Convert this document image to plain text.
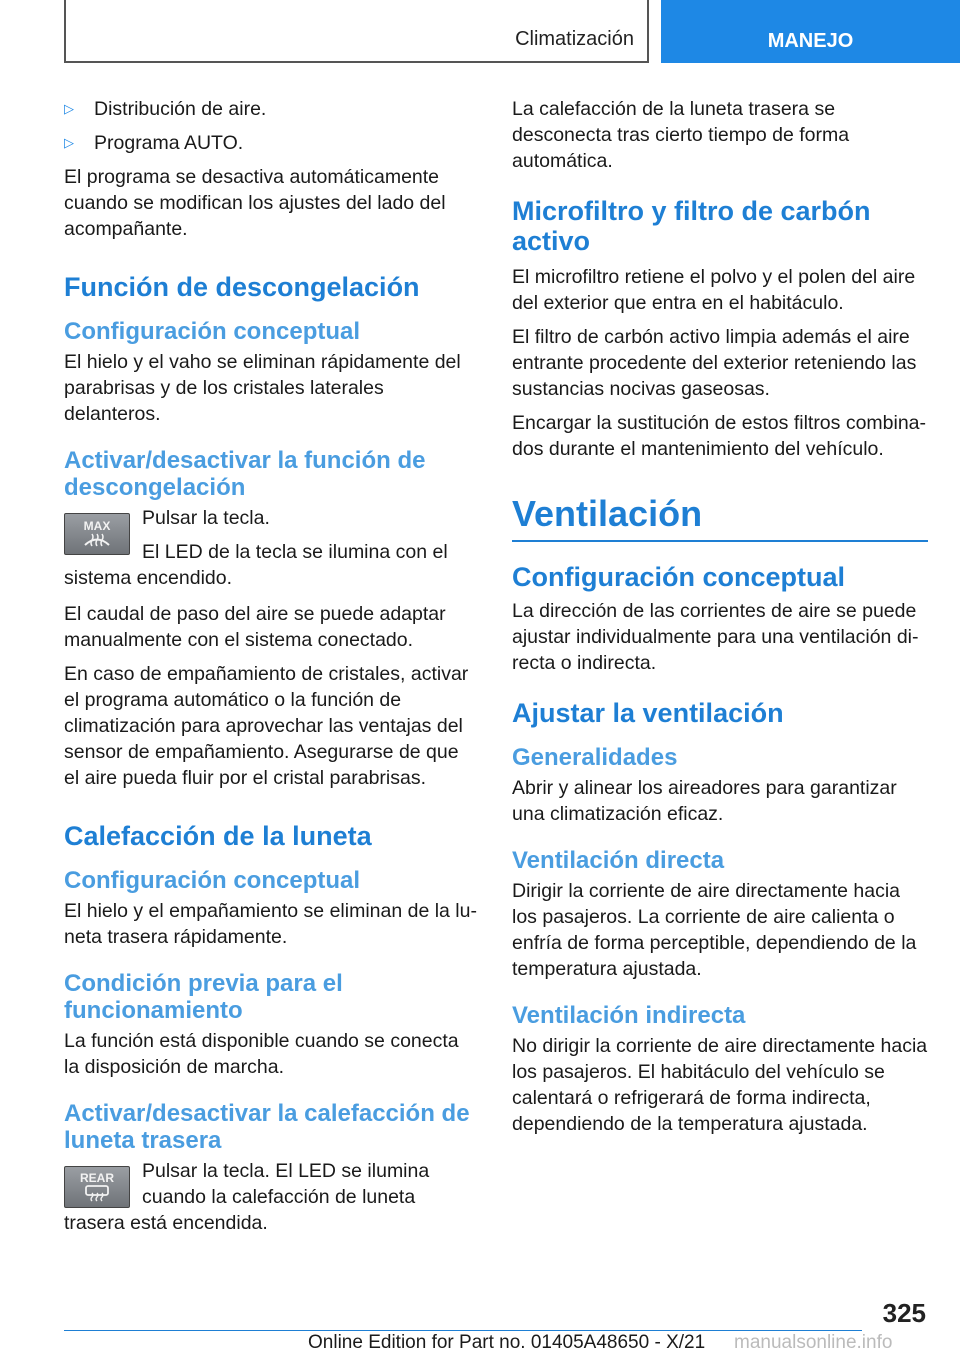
Climatización	MANEJO
▷	Distribución de aire.
▷	Programa AUTO.

El programa se desactiva automáticamente cuando se modifican los ajustes del lado del acompañante.

Función de descongelación
Configuración conceptual

El hielo y el vaho se eliminan rápidamente del parabrisas y de los cristales laterales delanteros.

Activar/desactivar la función de descongelación
MAX	Pulsar la tecla.

El LED de la tecla se ilumina con el sistema encendido.

El caudal de paso del aire se puede adaptar manualmente con el sistema conectado.

En caso de empañamiento de cristales, activar el programa automático o la función de climatización para aprovechar las ventajas del sensor de empañamiento. Asegurarse de que el aire pueda fluir por el cristal parabrisas.

Calefacción de la luneta
Configuración conceptual

El hielo y el empañamiento se eliminan de la luneta trasera rápidamente.

Condición previa para el funcionamiento

La función está disponible cuando se conecta la disposición de marcha.

Activar/desactivar la calefacción de luneta trasera
REAR	Pulsar la tecla. El LED se ilumina cuando la calefacción de luneta trasera está encendida.

La calefacción de la luneta trasera se desconecta tras cierto tiempo de forma automática.

Microfiltro y filtro de carbón activo

El microfiltro retiene el polvo y el polen del aire del exterior que entra en el habitáculo.

El filtro de carbón activo limpia además el aire entrante procedente del exterior reteniendo las sustancias nocivas gaseosas.

Encargar la sustitución de estos filtros combinados durante el mantenimiento del vehículo.

Ventilación
Configuración conceptual

La dirección de las corrientes de aire se puede ajustar individualmente para una ventilación directa o indirecta.

Ajustar la ventilación
Generalidades

Abrir y alinear los aireadores para garantizar una climatización eficaz.

Ventilación directa

Dirigir la corriente de aire directamente hacia los pasajeros. La corriente de aire calienta o enfría de forma perceptible, dependiendo de la temperatura ajustada.

Ventilación indirecta

No dirigir la corriente de aire directamente hacia los pasajeros. El habitáculo del vehículo se calentará o refrigerará de forma indirecta, dependiendo de la temperatura ajustada.

325
Online Edition for Part no. 01405A48650 - X/21 manualsonline.info
